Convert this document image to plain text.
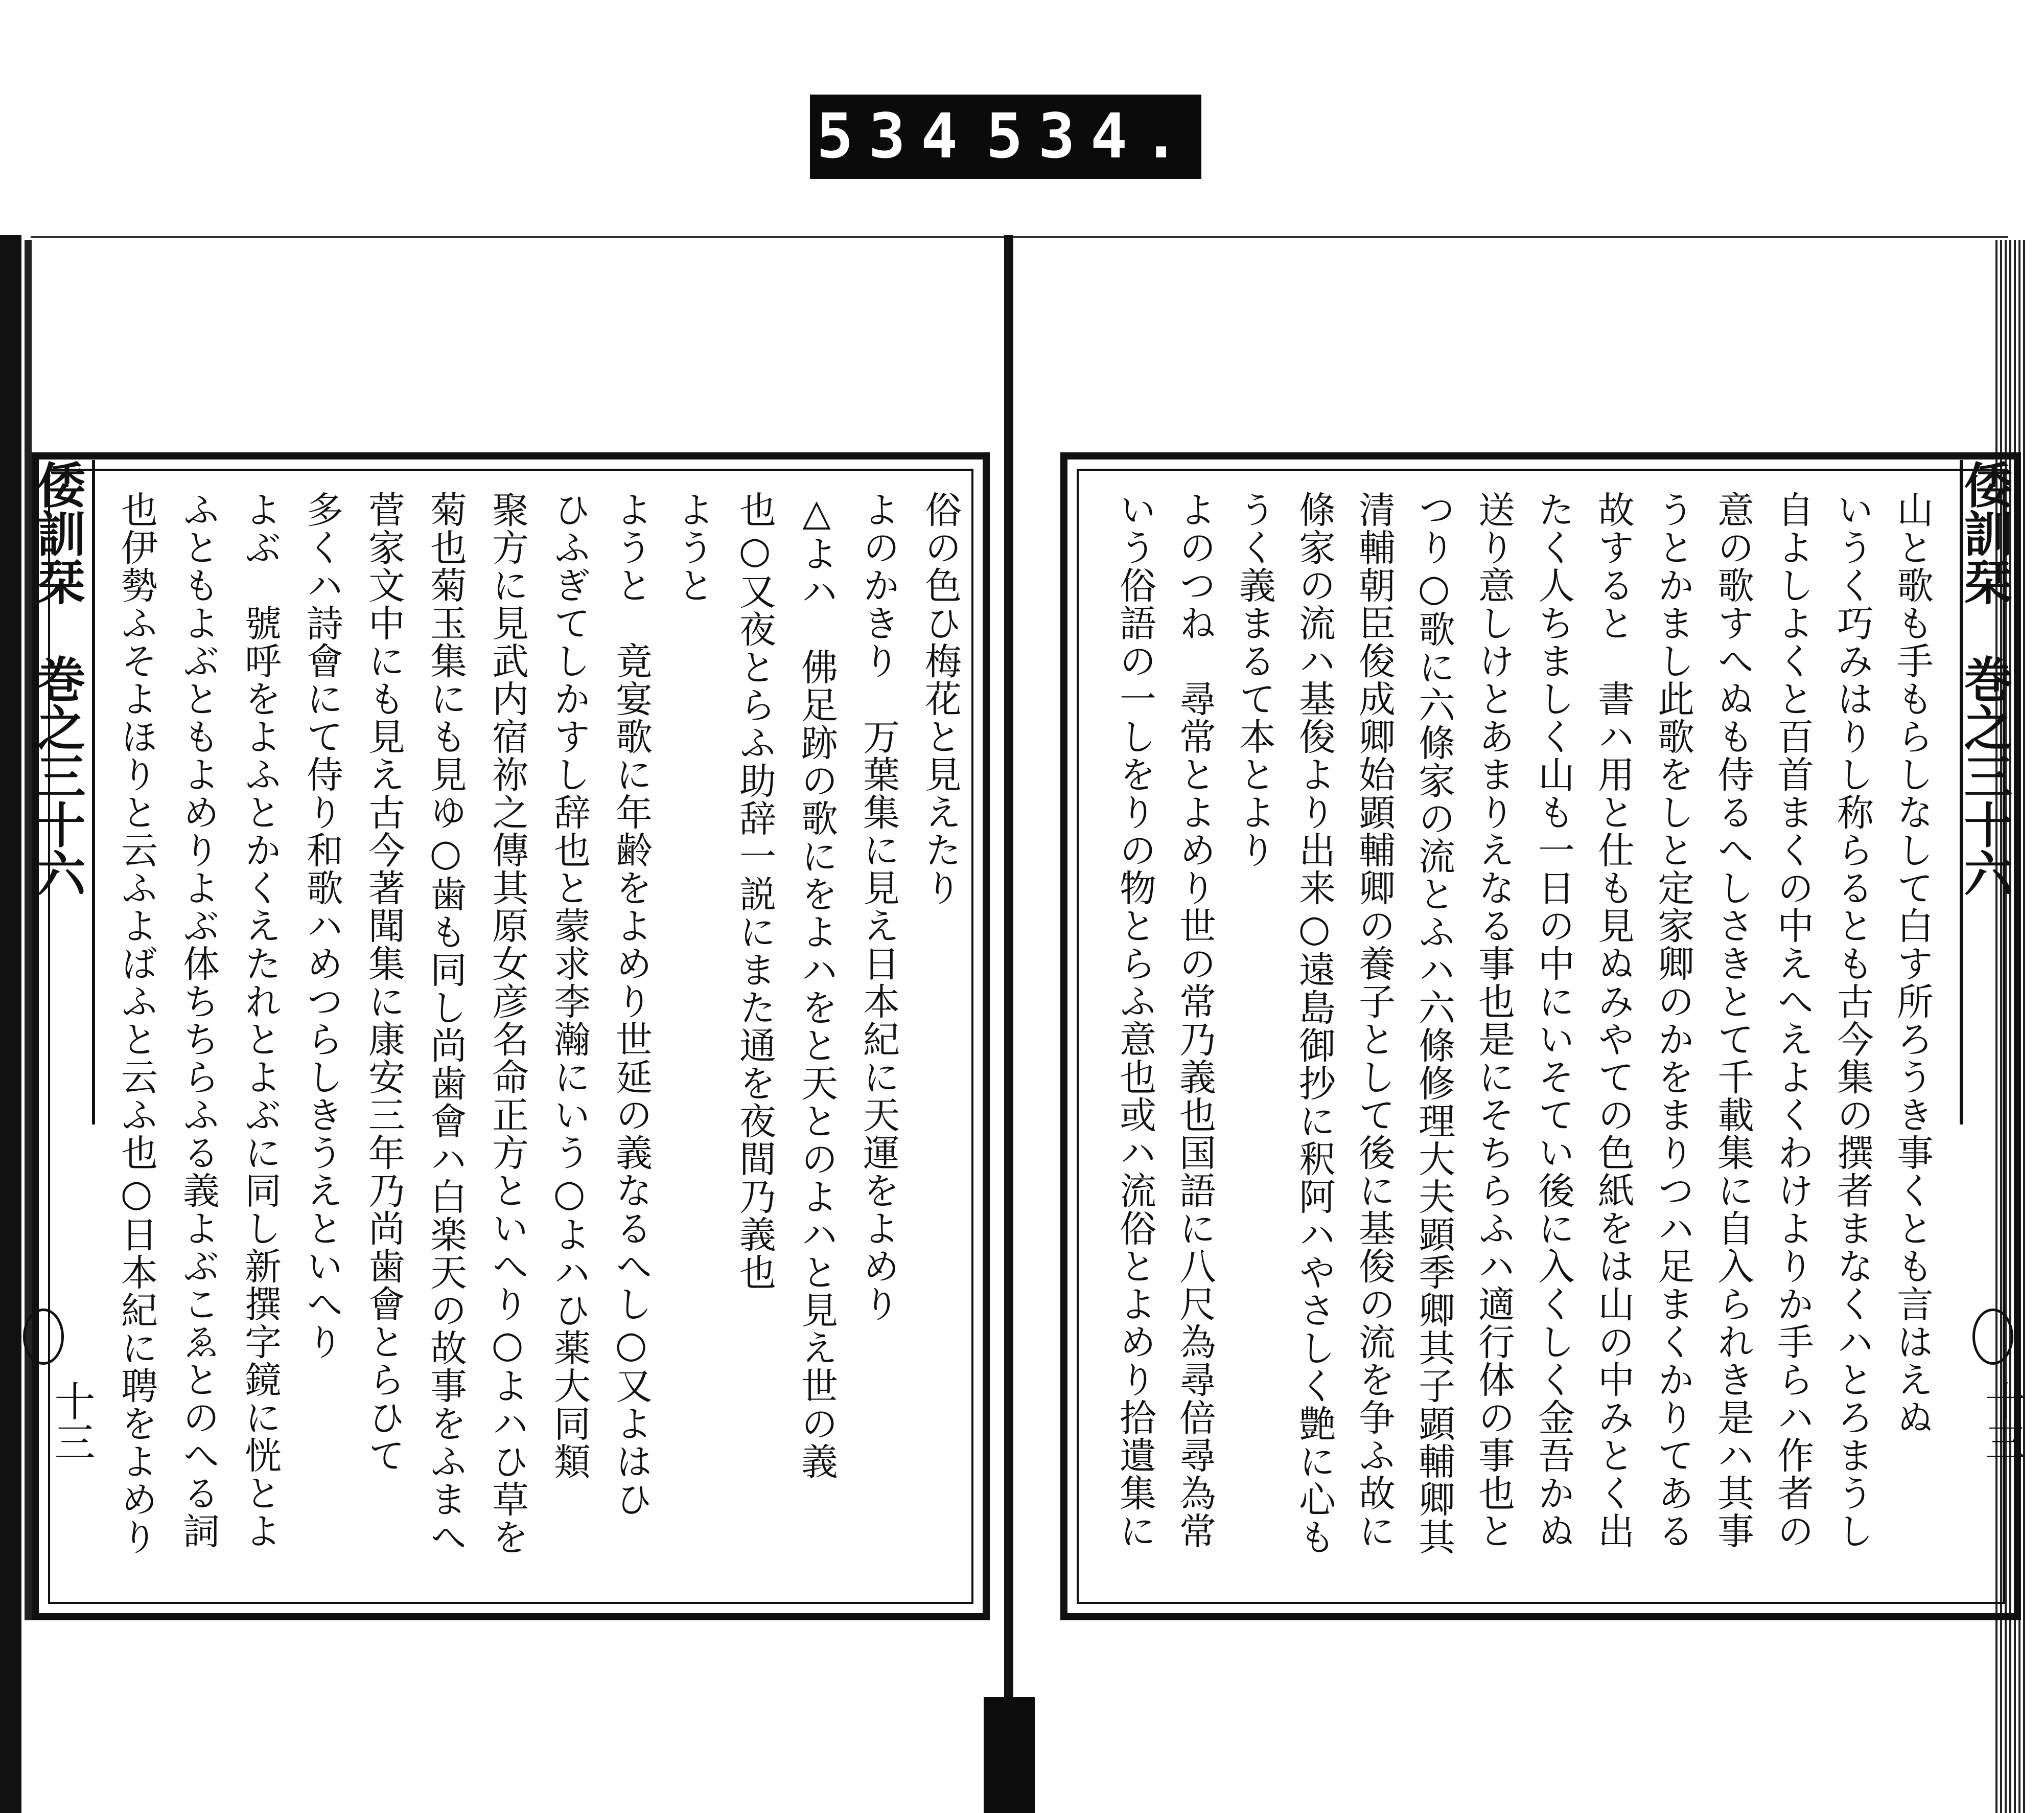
534 534.
倭訓栞　巻之三十六
十三
俗の色ひ梅花と見えたり
よのかきり　万葉集に見え日本紀に天運をよめり
△よハ　佛足跡の歌にをよハをと天とのよハと見え世の義
也○又夜とらふ助辞一説にまた通を夜間乃義也
ようと
ようと　竟宴歌に年齢をよめり世延の義なるへし○又よはひ
ひふぎてしかすし辞也と蒙求李瀚にいう○よハひ薬大同類
聚方に見武内宿祢之傳其原女彦名命正方といへり○よハひ草を
菊也菊玉集にも見ゆ○歯も同し尚歯會ハ白楽天の故事をふまへ
菅家文中にも見え古今著聞集に康安三年乃尚歯會とらひて
多くハ詩會にて侍り和歌ハめつらしきうえといへり
よぶ　號呼をよふとかくえたれとよぶに同し新撰字鏡に恍とよ
ふともよぶともよめりよぶ体ちちらふる義よぶこゑとのへる詞
也伊勢ふそよほりと云ふよばふと云ふ也○日本紀に聘をよめり
倭訓栞　巻之三十六
十三
山と歌も手もらしなして白す所ろうき事くとも言はえぬ
いうく巧みはりし称らるとも古今集の撰者まなくハとろまうし
自よしよくと百首まくの中えへえよくわけよりか手らハ作者の
意の歌すへぬも侍るへしさきとて千載集に自入られき是ハ其事
うとかまし此歌をしと定家卿のかをまりつハ足まくかりてある
故すると　書ハ用と仕も見ぬみやての色紙をは山の中みとく出
たく人ちましく山も一日の中にいそてい後に入くしく金吾かぬ
送り意しけとあまりえなる事也是にそちらふハ適行体の事也と
つり○歌に六條家の流とふハ六條修理大夫顕季卿其子顕輔卿其
清輔朝臣俊成卿始顕輔卿の養子として後に基俊の流を争ふ故に
條家の流ハ基俊より出来○遠島御抄に釈阿ハやさしく艶に心も
うく義まるて本とより
よのつね　尋常とよめり世の常乃義也国語に八尺為尋倍尋為常
いう俗語の一しをりの物とらふ意也或ハ流俗とよめり拾遺集に
